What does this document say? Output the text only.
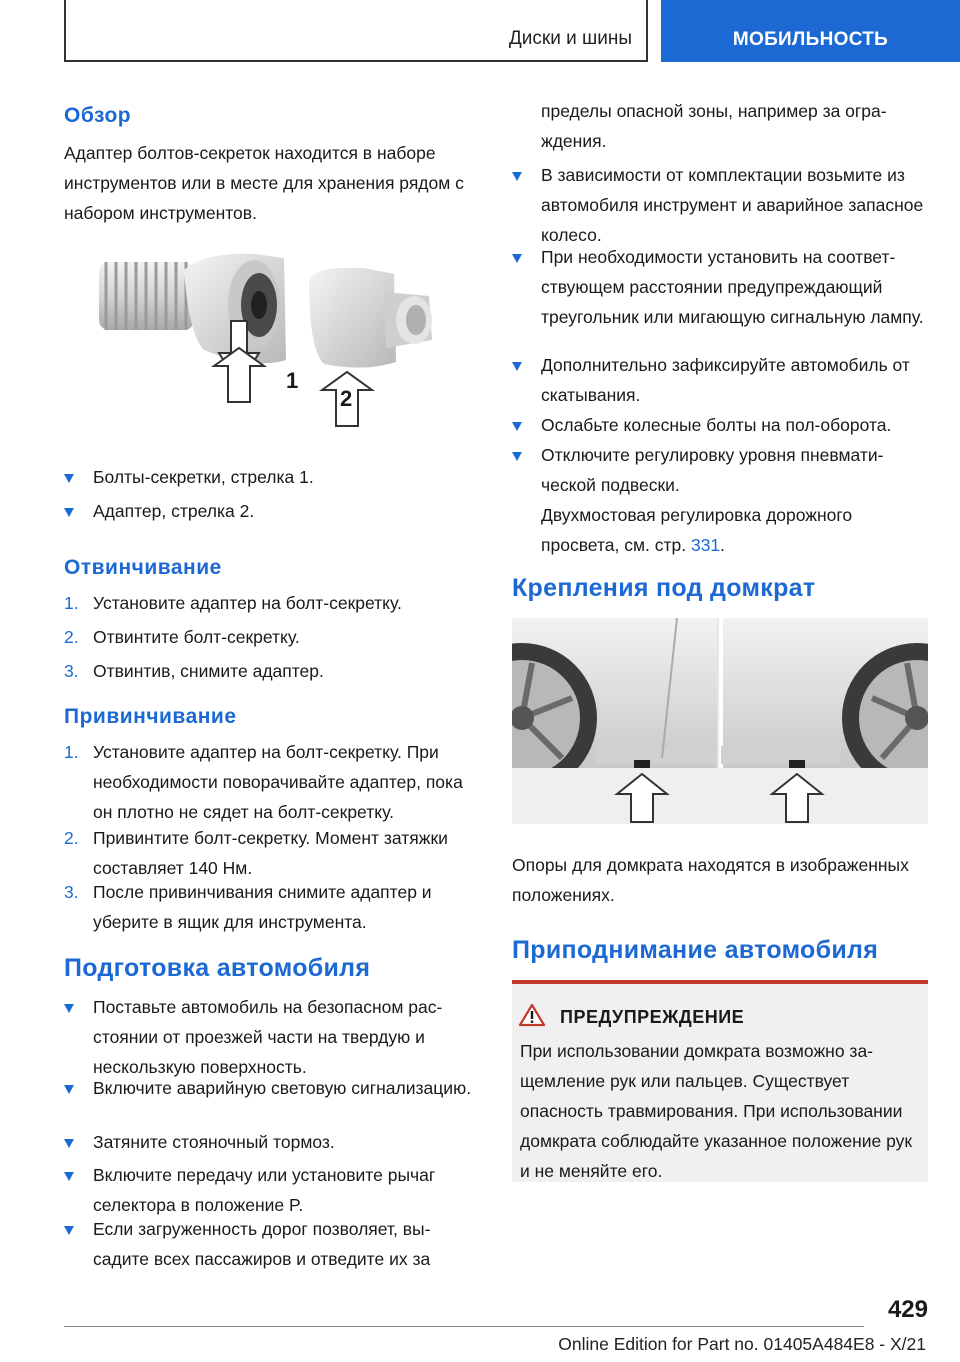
Диски и шины	МОБИЛЬНОСТЬ
Обзор
Адаптер болтов-секреток находится в наборе инструментов или в месте для хранения рядом с набором инструментов.
1
2
Болты-секретки, стрелка 1.
Адаптер, стрелка 2.
Отвинчивание
1. Установите адаптер на болт-секретку.
2. Отвинтите болт-секретку.
3. Отвинтив, снимите адаптер.
Привинчивание
1. Установите адаптер на болт-секретку. При необходимости поворачивайте адаптер, пока он плотно не сядет на болт-секретку.
2. Привинтите болт-секретку. Момент затяжки составляет 140 Нм.
3. После привинчивания снимите адаптер и уберите в ящик для инструмента.
Подготовка автомобиля
Поставьте автомобиль на безопасном расстоянии от проезжей части на твердую и нескользкую поверхность.
Включите аварийную световую сигнализацию.
Затяните стояночный тормоз.
Включите передачу или установите рычаг селектора в положение P.
Если загруженность дорог позволяет, высадите всех пассажиров и отведите их за
пределы опасной зоны, например за ограждения.
В зависимости от комплектации возьмите из автомобиля инструмент и аварийное запасное колесо.
При необходимости установить на соответствующем расстоянии предупреждающий треугольник или мигающую сигнальную лампу.
Дополнительно зафиксируйте автомобиль от скатывания.
Ослабьте колесные болты на пол-оборота.
Отключите регулировку уровня пневматической подвески.
Двухмостовая регулировка дорожного просвета, см. стр. 331.
Крепления под домкрат
Опоры для домкрата находятся в изображенных положениях.
Приподнимание автомобиля
ПРЕДУПРЕЖДЕНИЕ
При использовании домкрата возможно защемление рук или пальцев. Существует опасность травмирования. При использовании домкрата соблюдайте указанное положение рук и не меняйте его.
429
Online Edition for Part no. 01405A484E8 - X/21
